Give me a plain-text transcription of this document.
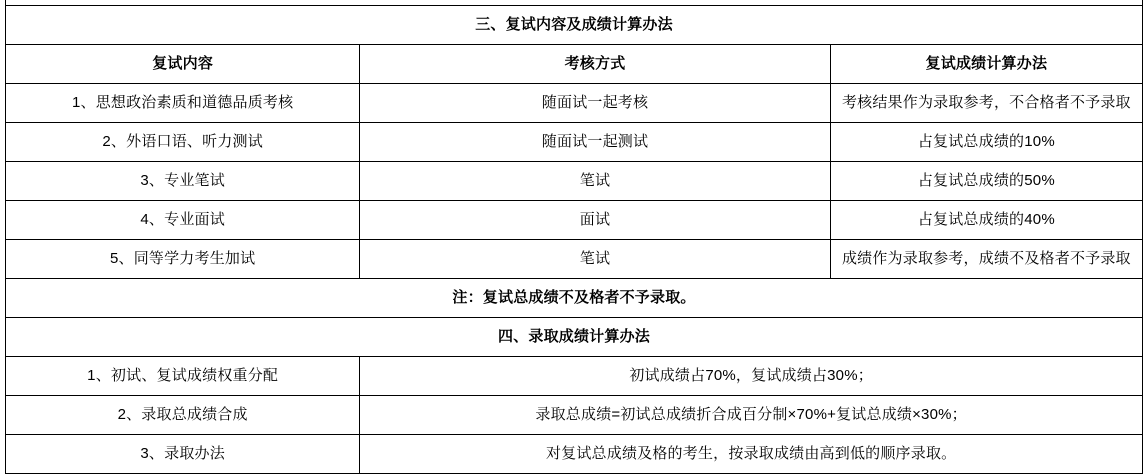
三、复试内容及成绩计算办法		
复试内容	考核方式	复试成绩计算办法
1、思想政治素质和道德品质考核	随面试一起考核	考核结果作为录取参考，不合格者不予录取
2、外语口语、听力测试	随面试一起测试	占复试总成绩的10%
3、专业笔试	笔试	占复试总成绩的50%
4、专业面试	面试	占复试总成绩的40%
5、同等学力考生加试	笔试	成绩作为录取参考，成绩不及格者不予录取
注：复试总成绩不及格者不予录取。		
四、录取成绩计算办法		
1、初试、复试成绩权重分配	初试成绩占70%，复试成绩占30%；	
2、录取总成绩合成	录取总成绩=初试总成绩折合成百分制×70%+复试总成绩×30%；	
3、录取办法	对复试总成绩及格的考生，按录取成绩由高到低的顺序录取。	
